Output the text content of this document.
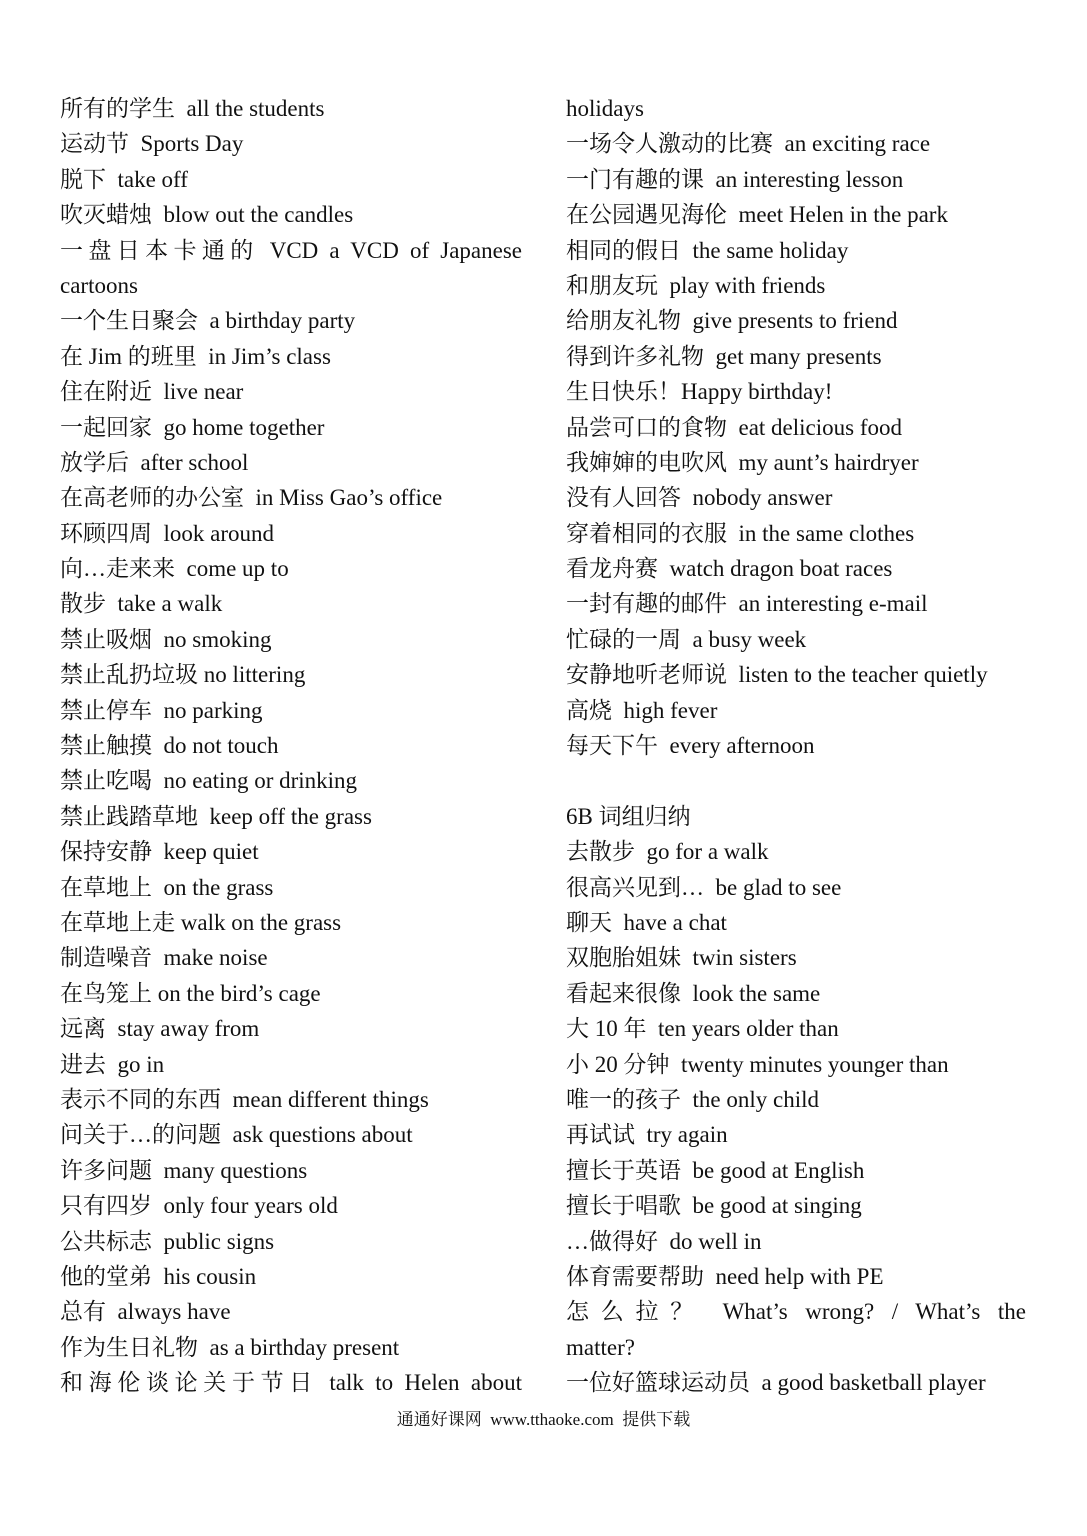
所有的学生  all the students
运动节  Sports Day
脱下  take off
吹灭蜡烛  blow out the candles
一盘日本卡通的 VCD a VCD of Japanese
cartoons
一个生日聚会  a birthday party
在 Jim 的班里  in Jim’s class
住在附近  live near
一起回家  go home together
放学后  after school
在高老师的办公室  in Miss Gao’s office
环顾四周  look around
向…走来来  come up to
散步  take a walk
禁止吸烟  no smoking
禁止乱扔垃圾 no littering
禁止停车  no parking
禁止触摸  do not touch
禁止吃喝  no eating or drinking
禁止践踏草地  keep off the grass
保持安静  keep quiet
在草地上  on the grass
在草地上走 walk on the grass
制造噪音  make noise
在鸟笼上 on the bird’s cage
远离  stay away from
进去  go in
表示不同的东西  mean different things
问关于…的问题  ask questions about
许多问题  many questions
只有四岁  only four years old
公共标志  public signs
他的堂弟  his cousin
总有  always have
作为生日礼物  as a birthday present
和海伦谈论关于节日 talk to Helen about
holidays
一场令人激动的比赛  an exciting race
一门有趣的课  an interesting lesson
在公园遇见海伦  meet Helen in the park
相同的假日  the same holiday
和朋友玩  play with friends
给朋友礼物  give presents to friend
得到许多礼物  get many presents
生日快乐！Happy birthday!
品尝可口的食物  eat delicious food
我婶婶的电吹风  my aunt’s hairdryer
没有人回答  nobody answer
穿着相同的衣服  in the same clothes
看龙舟赛  watch dragon boat races
一封有趣的邮件  an interesting e-mail
忙碌的一周  a busy week
安静地听老师说  listen to the teacher quietly
高烧  high fever
每天下午  every afternoon
6B 词组归纳
去散步  go for a walk
很高兴见到…  be glad to see
聊天  have a chat
双胞胎姐妹  twin sisters
看起来很像  look the same
大 10 年  ten years older than
小 20 分钟  twenty minutes younger than
唯一的孩子  the only child
再试试  try again
擅长于英语  be good at English
擅长于唱歌  be good at singing
…做得好  do well in
体育需要帮助  need help with PE
怎么拉？ What’s wrong? / What’s the
matter?
一位好篮球运动员  a good basketball player
通通好课网  www.tthaoke.com  提供下载
